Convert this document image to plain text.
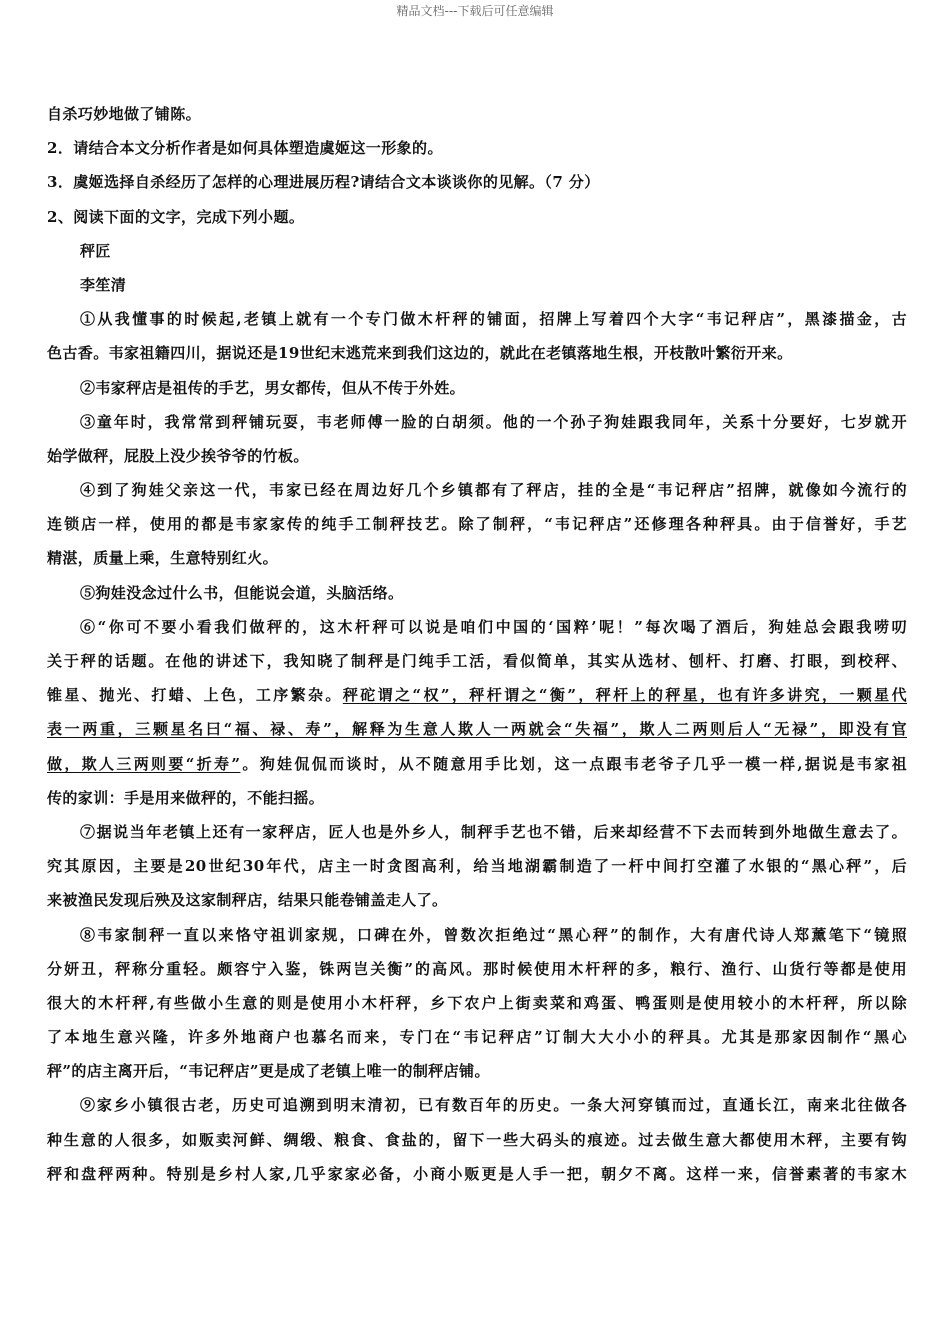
精品文档---下载后可任意编辑
自杀巧妙地做了铺陈。
2．请结合本文分析作者是如何具体塑造虞姬这一形象的。
3．虞姬选择自杀经历了怎样的心理进展历程?请结合文本谈谈你的见解。（7 分）
2、阅读下面的文字，完成下列小题。
秤匠
李笙清
①从我懂事的时候起,老镇上就有一个专门做木杆秤的铺面，招牌上写着四个大字“韦记秤店”，黑漆描金，古
色古香。韦家祖籍四川，据说还是19世纪末逃荒来到我们这边的，就此在老镇落地生根，开枝散叶繁衍开来。
②韦家秤店是祖传的手艺，男女都传，但从不传于外姓。
③童年时，我常常到秤铺玩耍，韦老师傅一脸的白胡须。他的一个孙子狗娃跟我同年，关系十分要好，七岁就开
始学做秤，屁股上没少挨爷爷的竹板。
④到了狗娃父亲这一代，韦家已经在周边好几个乡镇都有了秤店，挂的全是“韦记秤店”招牌，就像如今流行的
连锁店一样，使用的都是韦家家传的纯手工制秤技艺。除了制秤，“韦记秤店”还修理各种秤具。由于信誉好，手艺
精湛，质量上乘，生意特别红火。
⑤狗娃没念过什么书，但能说会道，头脑活络。
⑥“你可不要小看我们做秤的，这木杆秤可以说是咱们中国的‘国粹’呢！”每次喝了酒后，狗娃总会跟我唠叨
关于秤的话题。在他的讲述下，我知晓了制秤是门纯手工活，看似简单，其实从选材、刨杆、打磨、打眼，到校秤、
锥星、抛光、打蜡、上色，工序繁杂。秤砣谓之“权”，秤杆谓之“衡”，秤杆上的秤星，也有许多讲究，一颗星代
表一两重，三颗星名曰“福、禄、寿”，解释为生意人欺人一两就会“失福”，欺人二两则后人“无禄”，即没有官
做，欺人三两则要“折寿”。狗娃侃侃而谈时，从不随意用手比划，这一点跟韦老爷子几乎一模一样,据说是韦家祖
传的家训：手是用来做秤的，不能扫摇。
⑦据说当年老镇上还有一家秤店，匠人也是外乡人，制秤手艺也不错，后来却经营不下去而转到外地做生意去了。
究其原因，主要是20世纪30年代，店主一时贪图高利，给当地湖霸制造了一杆中间打空灌了水银的“黑心秤”，后
来被渔民发现后殃及这家制秤店，结果只能卷铺盖走人了。
⑧韦家制秤一直以来恪守祖训家规，口碑在外，曾数次拒绝过“黑心秤”的制作，大有唐代诗人郑薰笔下“镜照
分妍丑，秤称分重轻。颇容宁入鉴，铢两岂关衡”的高风。那时候使用木杆秤的多，粮行、渔行、山货行等都是使用
很大的木杆秤,有些做小生意的则是使用小木杆秤，乡下农户上街卖菜和鸡蛋、鸭蛋则是使用较小的木杆秤，所以除
了本地生意兴隆，许多外地商户也慕名而来，专门在“韦记秤店”订制大大小小的秤具。尤其是那家因制作“黑心
秤”的店主离开后，“韦记秤店”更是成了老镇上唯一的制秤店铺。
⑨家乡小镇很古老，历史可追溯到明末清初，已有数百年的历史。一条大河穿镇而过，直通长江，南来北往做各
种生意的人很多，如贩卖河鲜、绸缎、粮食、食盐的，留下一些大码头的痕迹。过去做生意大都使用木秤，主要有钩
秤和盘秤两种。特别是乡村人家,几乎家家必备，小商小贩更是人手一把，朝夕不离。这样一来，信誉素著的韦家木
